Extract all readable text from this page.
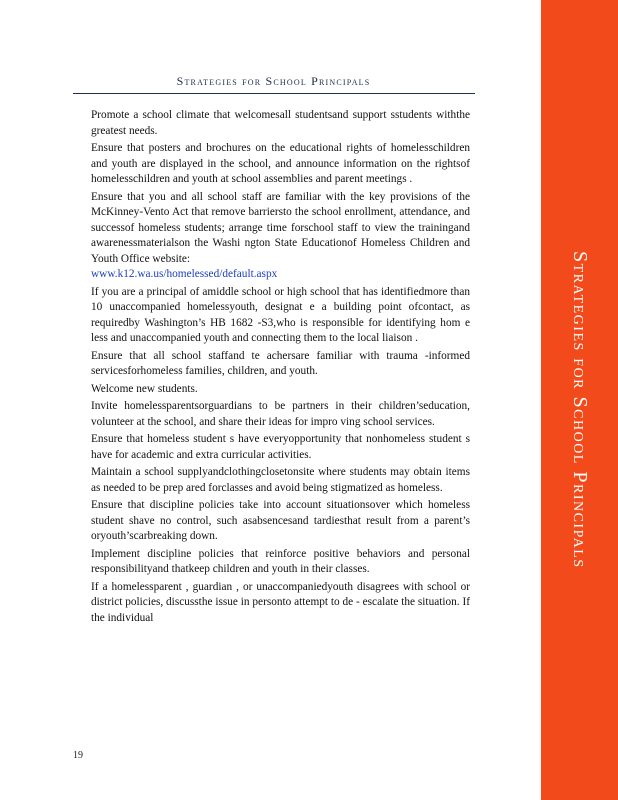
Strategies for School Principals
Promote a school climate that welcomesall studentsand support sstudents withthe greatest needs.
Ensure that posters and brochures on the educational rights of homelesschildren and youth are displayed in the school, and announce information on the rightsof homelesschildren and youth at school assemblies and parent meetings .
Ensure that you and all school staff are familiar with the key provisions of the McKinney-Vento Act that remove barriersto the school enrollment, attendance, and successof homeless students; arrange time forschool staff to view the trainingand awarenessmaterialson the Washi ngton State Educationof Homeless Children and Youth Office website:
www.k12.wa.us/homelessed/default.aspx
If you are a principal of amiddle school or high school that has identifiedmore than 10 unaccompanied homelessyouth, designat e a building point ofcontact, as requiredby Washington’s HB 1682 -S3,who is responsible for identifying hom e less and unaccompanied youth and connecting them to the local liaison .
Ensure that all school staffand te achersare familiar with trauma -informed servicesforhomeless families, children, and youth.
Welcome new students.
Invite homelessparentsorguardians to be partners in their children’seducation, volunteer at the school, and share their ideas for impro ving school services.
Ensure that homeless student s have everyopportunity that nonhomeless student s have for academic and extra curricular activities.
Maintain a school supplyandclothingclosetonsite where students may obtain items as needed to be prep ared forclasses and avoid being stigmatized as homeless.
Ensure that discipline policies take into account situationsover which homeless student shave no control, such asabsencesand tardiesthat result from a parent’s oryouth’scarbreaking down.
Implement discipline policies that reinforce positive behaviors and personal responsibilityand thatkeep children and youth in their classes.
If a homelessparent , guardian , or unaccompaniedyouth disagrees with school or district policies, discussthe issue in personto attempt to de - escalate the situation. If the individual
19
Strategies for School Principals
